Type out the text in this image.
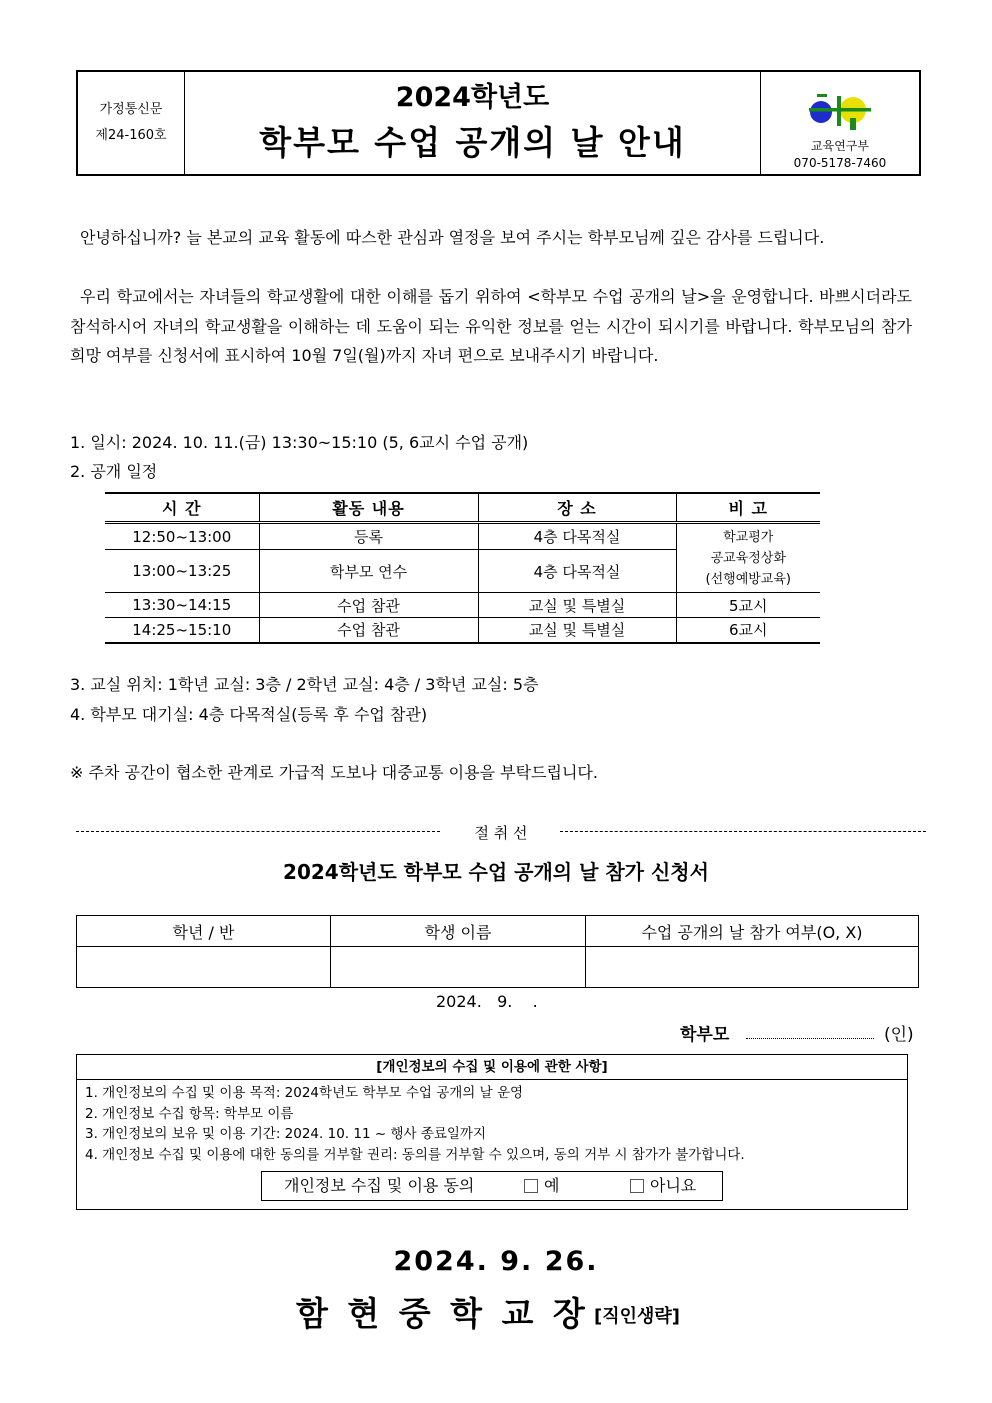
가정통신문
제24-160호
2024학년도
학부모 수업 공개의 날 안내	교육연구부
070-5178-7460
안녕하십니까? 늘 본교의 교육 활동에 따스한 관심과 열정을 보여 주시는 학부모님께 깊은 감사를 드립니다.
우리 학교에서는 자녀들의 학교생활에 대한 이해를 돕기 위하여 <학부모 수업 공개의 날>을 운영합니다. 바쁘시더라도 참석하시어 자녀의 학교생활을 이해하는 데 도움이 되는 유익한 정보를 얻는 시간이 되시기를 바랍니다. 학부모님의 참가 희망 여부를 신청서에 표시하여 10월 7일(월)까지 자녀 편으로 보내주시기 바랍니다.
1. 일시: 2024. 10. 11.(금) 13:30~15:10 (5, 6교시 수업 공개)
2. 공개 일정
시 간	활동 내용	장 소	비 고
12:50~13:00	등록	4층 다목적실	학교평가
공교육정상화
(선행예방교육)

13:00~13:25	학부모 연수	4층 다목적실	
13:30~14:15	수업 참관	교실 및 특별실	5교시
14:25~15:10	수업 참관	교실 및 특별실	6교시
3. 교실 위치: 1학년 교실: 3층 / 2학년 교실: 4층 / 3학년 교실: 5층
4. 학부모 대기실: 4층 다목적실(등록 후 수업 참관)
※ 주차 공간이 협소한 관계로 가급적 도보나 대중교통 이용을 부탁드립니다.
절 취 선
2024학년도 학부모 수업 공개의 날 참가 신청서
학년 / 반	학생 이름	수업 공개의 날 참가 여부(O, X)

2024.   9.    .
학부모	(인)
[개인정보의 수집 및 이용에 관한 사항]
1. 개인정보의 수집 및 이용 목적: 2024학년도 학부모 수업 공개의 날 운영
2. 개인정보 수집 항목: 학부모 이름
3. 개인정보의 보유 및 이용 기간: 2024. 10. 11 ~ 행사 종료일까지
4. 개인정보 수집 및 이용에 대한 동의를 거부할 권리: 동의를 거부할 수 있으며, 동의 거부 시 참가가 불가합니다.
개인정보 수집 및 이용 동의	예	아니요
2024. 9. 26.
함 현 중 학 교 장 [직인생략]
